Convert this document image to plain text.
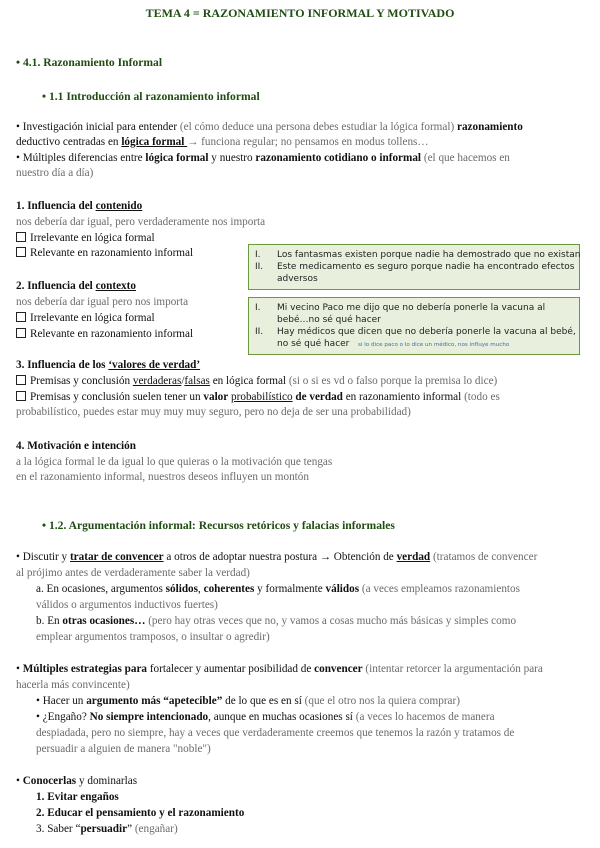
TEMA 4 = RAZONAMIENTO INFORMAL Y MOTIVADO
• 4.1. Razonamiento Informal
• 1.1 Introducción al razonamiento informal
• Investigación inicial para entender (el cómo deduce una persona debes estudiar la lógica formal) razonamiento
deductivo centradas en lógica formal → funciona regular; no pensamos en modus tollens…
• Múltiples diferencias entre lógica formal y nuestro razonamiento cotidiano o informal (el que hacemos en
nuestro día a día)
1. Influencia del contenido
nos debería dar igual, pero verdaderamente nos importa
Irrelevante en lógica formal
Relevante en razonamiento informal	I. Los fantasmas existen porque nadie ha demostrado que no existan
II. Este medicamento es seguro porque nadie ha encontrado efectos
adversos
2. Influencia del contexto
nos debería dar igual pero nos importa
Irrelevante en lógica formal
Relevante en razonamiento informal
I. Mi vecino Paco me dijo que no debería ponerle la vacuna al
bebé…no sé qué hacer
II. Hay médicos que dicen que no debería ponerle la vacuna al bebé,
no sé qué hacer si lo dice paco o lo dice un médico, nos influye mucho
3. Influencia de los ‘valores de verdad’
Premisas y conclusión verdaderas/falsas en lógica formal (si o si es vd o falso porque la premisa lo dice)
Premisas y conclusión suelen tener un valor probabilístico de verdad en razonamiento informal (todo es
probabilístico, puedes estar muy muy muy seguro, pero no deja de ser una probabilidad)
4. Motivación e intención
a la lógica formal le da igual lo que quieras o la motivación que tengas
en el razonamiento informal, nuestros deseos influyen un montón
• 1.2. Argumentación informal: Recursos retóricos y falacias informales
• Discutir y tratar de convencer a otros de adoptar nuestra postura → Obtención de verdad (tratamos de convencer
al prójimo antes de verdaderamente saber la verdad)
a. En ocasiones, argumentos sólidos, coherentes y formalmente válidos (a veces empleamos razonamientos
válidos o argumentos inductivos fuertes)
b. En otras ocasiones… (pero hay otras veces que no, y vamos a cosas mucho más básicas y simples como
emplear argumentos tramposos, o insultar o agredir)
• Múltiples estrategias para fortalecer y aumentar posibilidad de convencer (intentar retorcer la argumentación para
hacerla más convincente)
• Hacer un argumento más “apetecible” de lo que es en sí (que el otro nos la quiera comprar)
• ¿Engaño? No siempre intencionado, aunque en muchas ocasiones sí (a veces lo hacemos de manera
despiadada, pero no siempre, hay a veces que verdaderamente creemos que tenemos la razón y tratamos de
persuadir a alguien de manera "noble")
• Conocerlas y dominarlas
1. Evitar engaños
2. Educar el pensamiento y el razonamiento
3. Saber “persuadir” (engañar)
